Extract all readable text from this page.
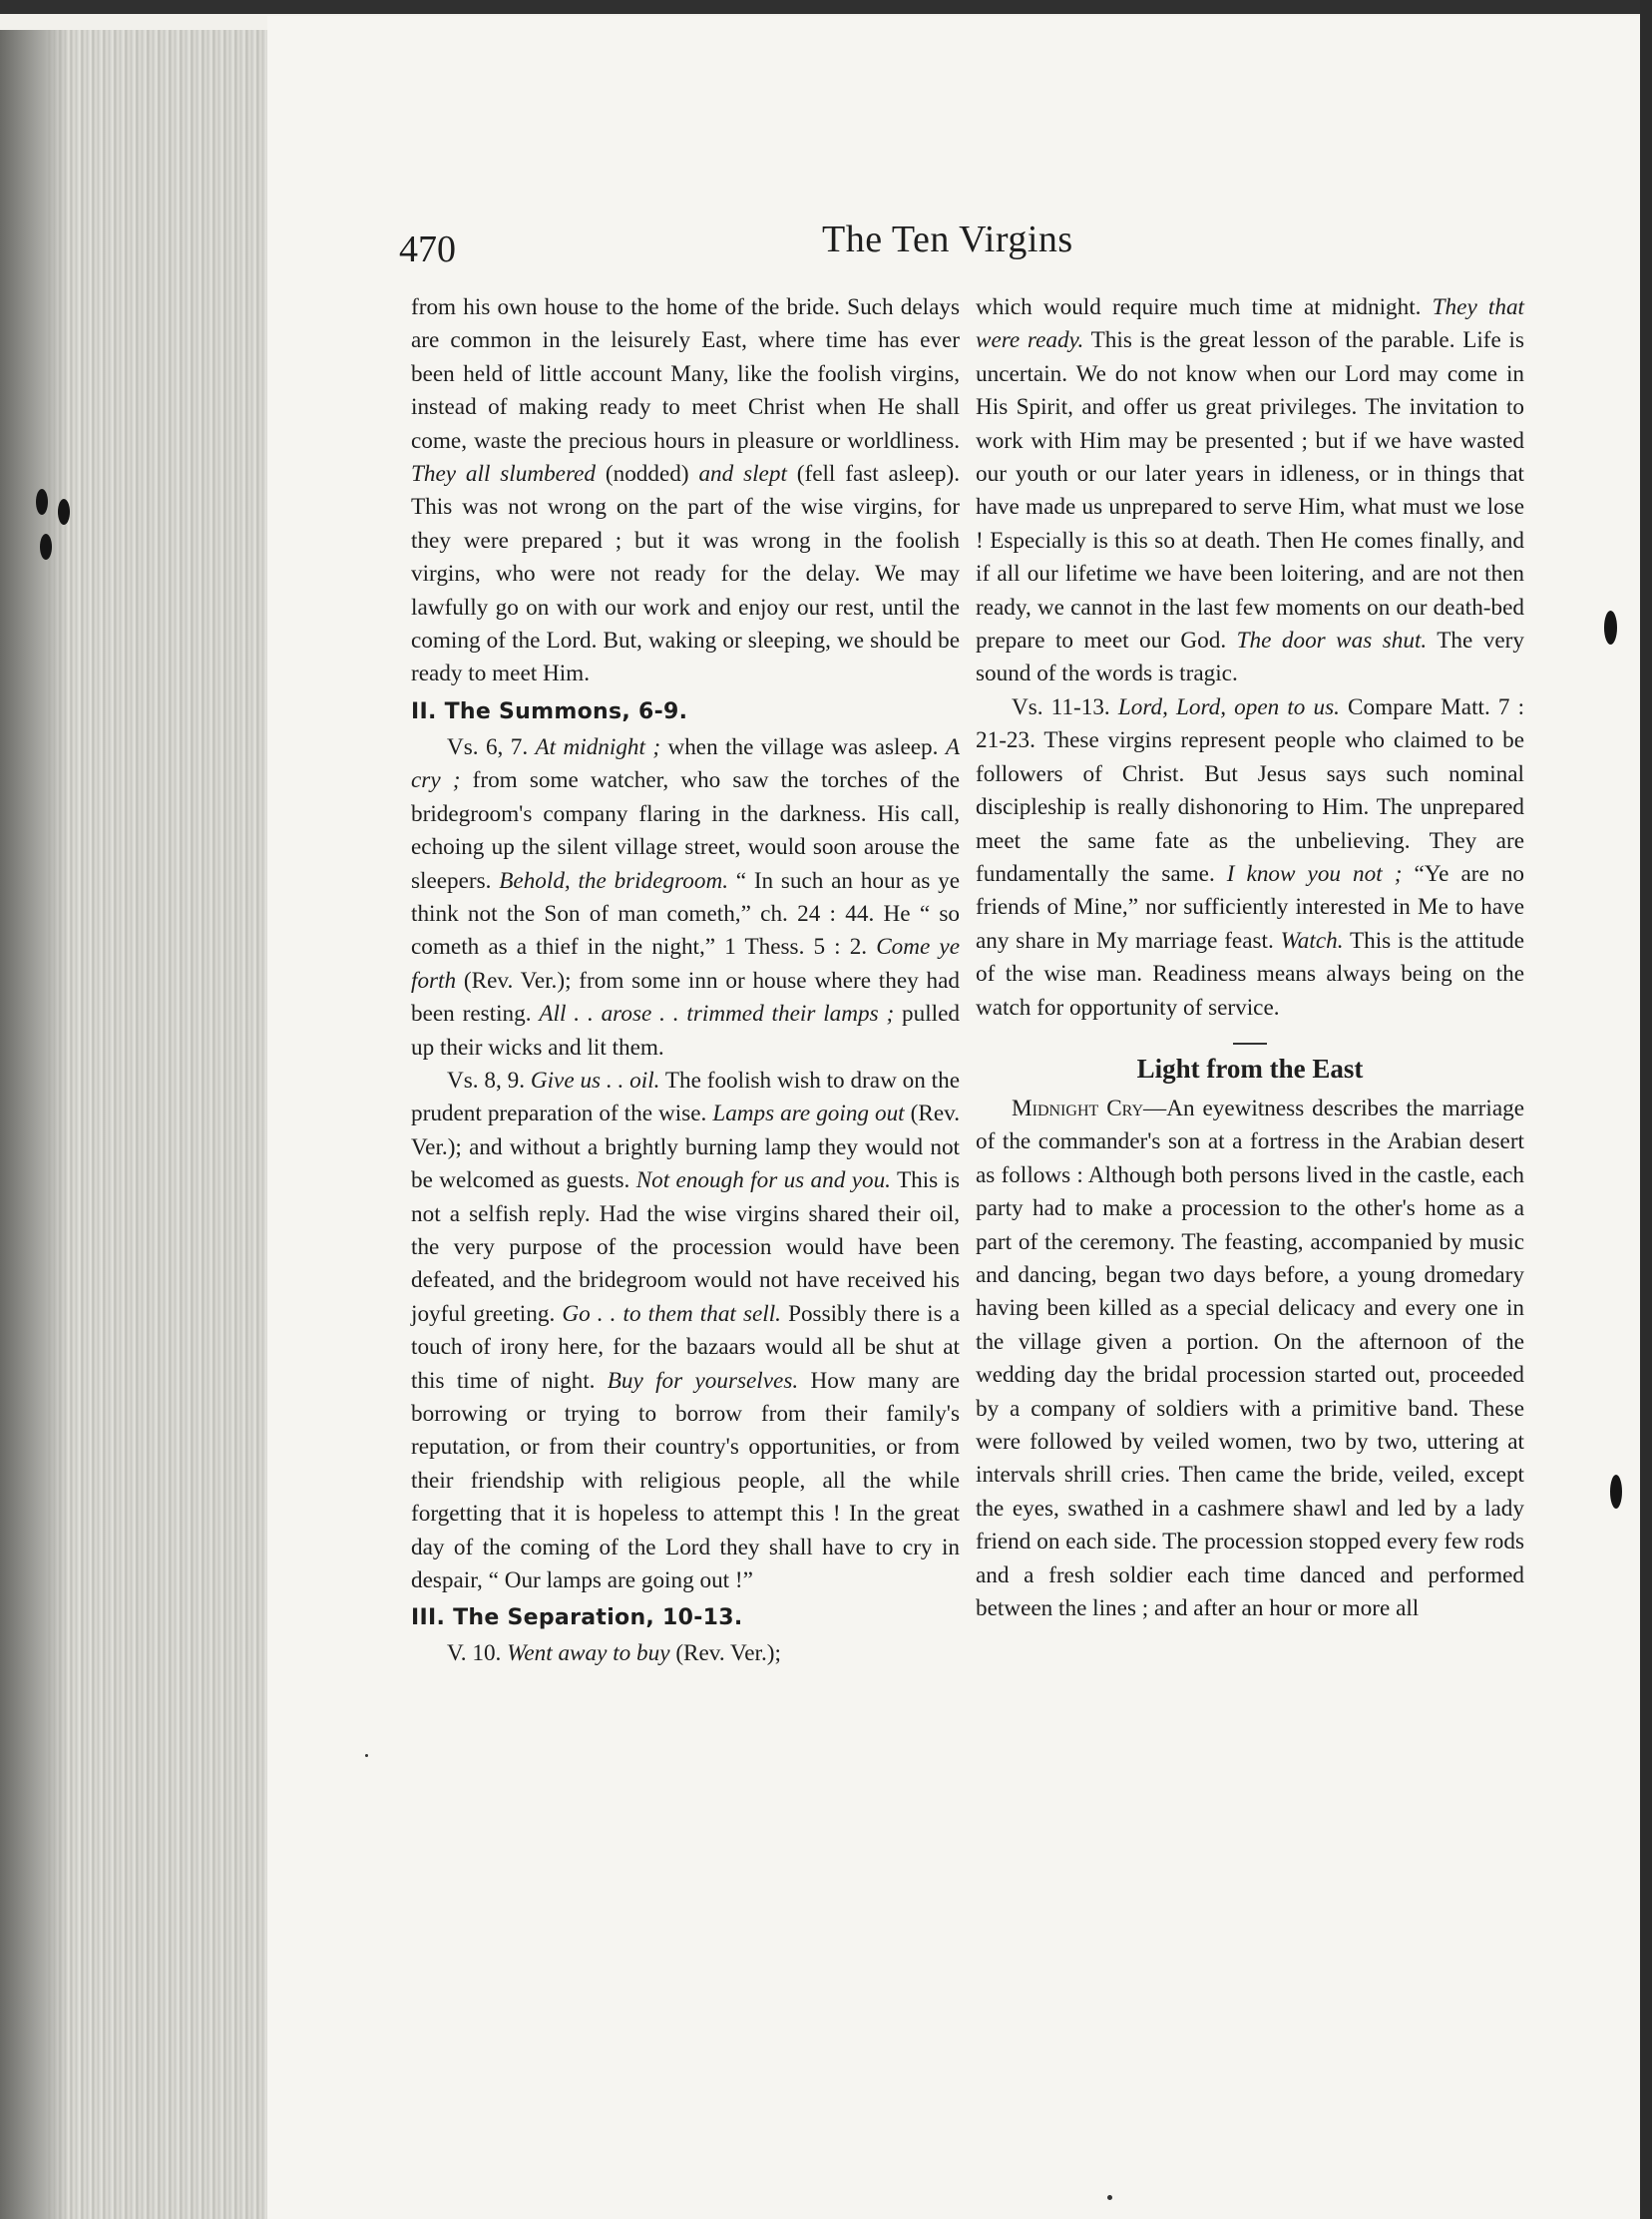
470	The Ten Virgins

from his own house to the home of the bride. Such delays are common in the leisurely East, where time has ever been held of little account Many, like the foolish virgins, instead of making ready to meet Christ when He shall come, waste the precious hours in pleasure or worldliness. They all slumbered (nodded) and slept (fell fast asleep). This was not wrong on the part of the wise virgins, for they were prepared ; but it was wrong in the foolish virgins, who were not ready for the delay. We may lawfully go on with our work and enjoy our rest, until the coming of the Lord. But, waking or sleeping, we should be ready to meet Him.

II. The Summons, 6-9.

Vs. 6, 7. At midnight ; when the village was asleep. A cry ; from some watcher, who saw the torches of the bridegroom's company flaring in the darkness. His call, echoing up the silent village street, would soon arouse the sleepers. Behold, the bridegroom. “ In such an hour as ye think not the Son of man cometh,” ch. 24 : 44. He “ so cometh as a thief in the night,” 1 Thess. 5 : 2. Come ye forth (Rev. Ver.); from some inn or house where they had been resting. All . . arose . . trimmed their lamps ; pulled up their wicks and lit them.

Vs. 8, 9. Give us . . oil. The foolish wish to draw on the prudent preparation of the wise. Lamps are going out (Rev. Ver.); and without a brightly burning lamp they would not be welcomed as guests. Not enough for us and you. This is not a selfish reply. Had the wise virgins shared their oil, the very purpose of the procession would have been defeated, and the bridegroom would not have received his joyful greeting. Go . . to them that sell. Possibly there is a touch of irony here, for the bazaars would all be shut at this time of night. Buy for yourselves. How many are borrowing or trying to borrow from their family's reputation, or from their country's opportunities, or from their friendship with religious people, all the while forgetting that it is hopeless to attempt this ! In the great day of the coming of the Lord they shall have to cry in despair, “ Our lamps are going out !”

III. The Separation, 10-13.

V. 10. Went away to buy (Rev. Ver.);

which would require much time at midnight. They that were ready. This is the great lesson of the parable. Life is uncertain. We do not know when our Lord may come in His Spirit, and offer us great privileges. The invitation to work with Him may be presented ; but if we have wasted our youth or our later years in idleness, or in things that have made us unprepared to serve Him, what must we lose ! Especially is this so at death. Then He comes finally, and if all our lifetime we have been loitering, and are not then ready, we cannot in the last few moments on our death-bed prepare to meet our God. The door was shut. The very sound of the words is tragic.

Vs. 11-13. Lord, Lord, open to us. Compare Matt. 7 : 21-23. These virgins represent people who claimed to be followers of Christ. But Jesus says such nominal discipleship is really dishonoring to Him. The unprepared meet the same fate as the unbelieving. They are fundamentally the same. I know you not ; “Ye are no friends of Mine,” nor sufficiently interested in Me to have any share in My marriage feast. Watch. This is the attitude of the wise man. Readiness means always being on the watch for opportunity of service.

Light from the East

Midnight Cry—An eyewitness describes the marriage of the commander's son at a fortress in the Arabian desert as follows : Although both persons lived in the castle, each party had to make a procession to the other's home as a part of the ceremony. The feasting, accompanied by music and dancing, began two days before, a young dromedary having been killed as a special delicacy and every one in the village given a portion. On the afternoon of the wedding day the bridal procession started out, proceeded by a company of soldiers with a primitive band. These were followed by veiled women, two by two, uttering at intervals shrill cries. Then came the bride, veiled, except the eyes, swathed in a cashmere shawl and led by a lady friend on each side. The procession stopped every few rods and a fresh soldier each time danced and performed between the lines ; and after an hour or more all
